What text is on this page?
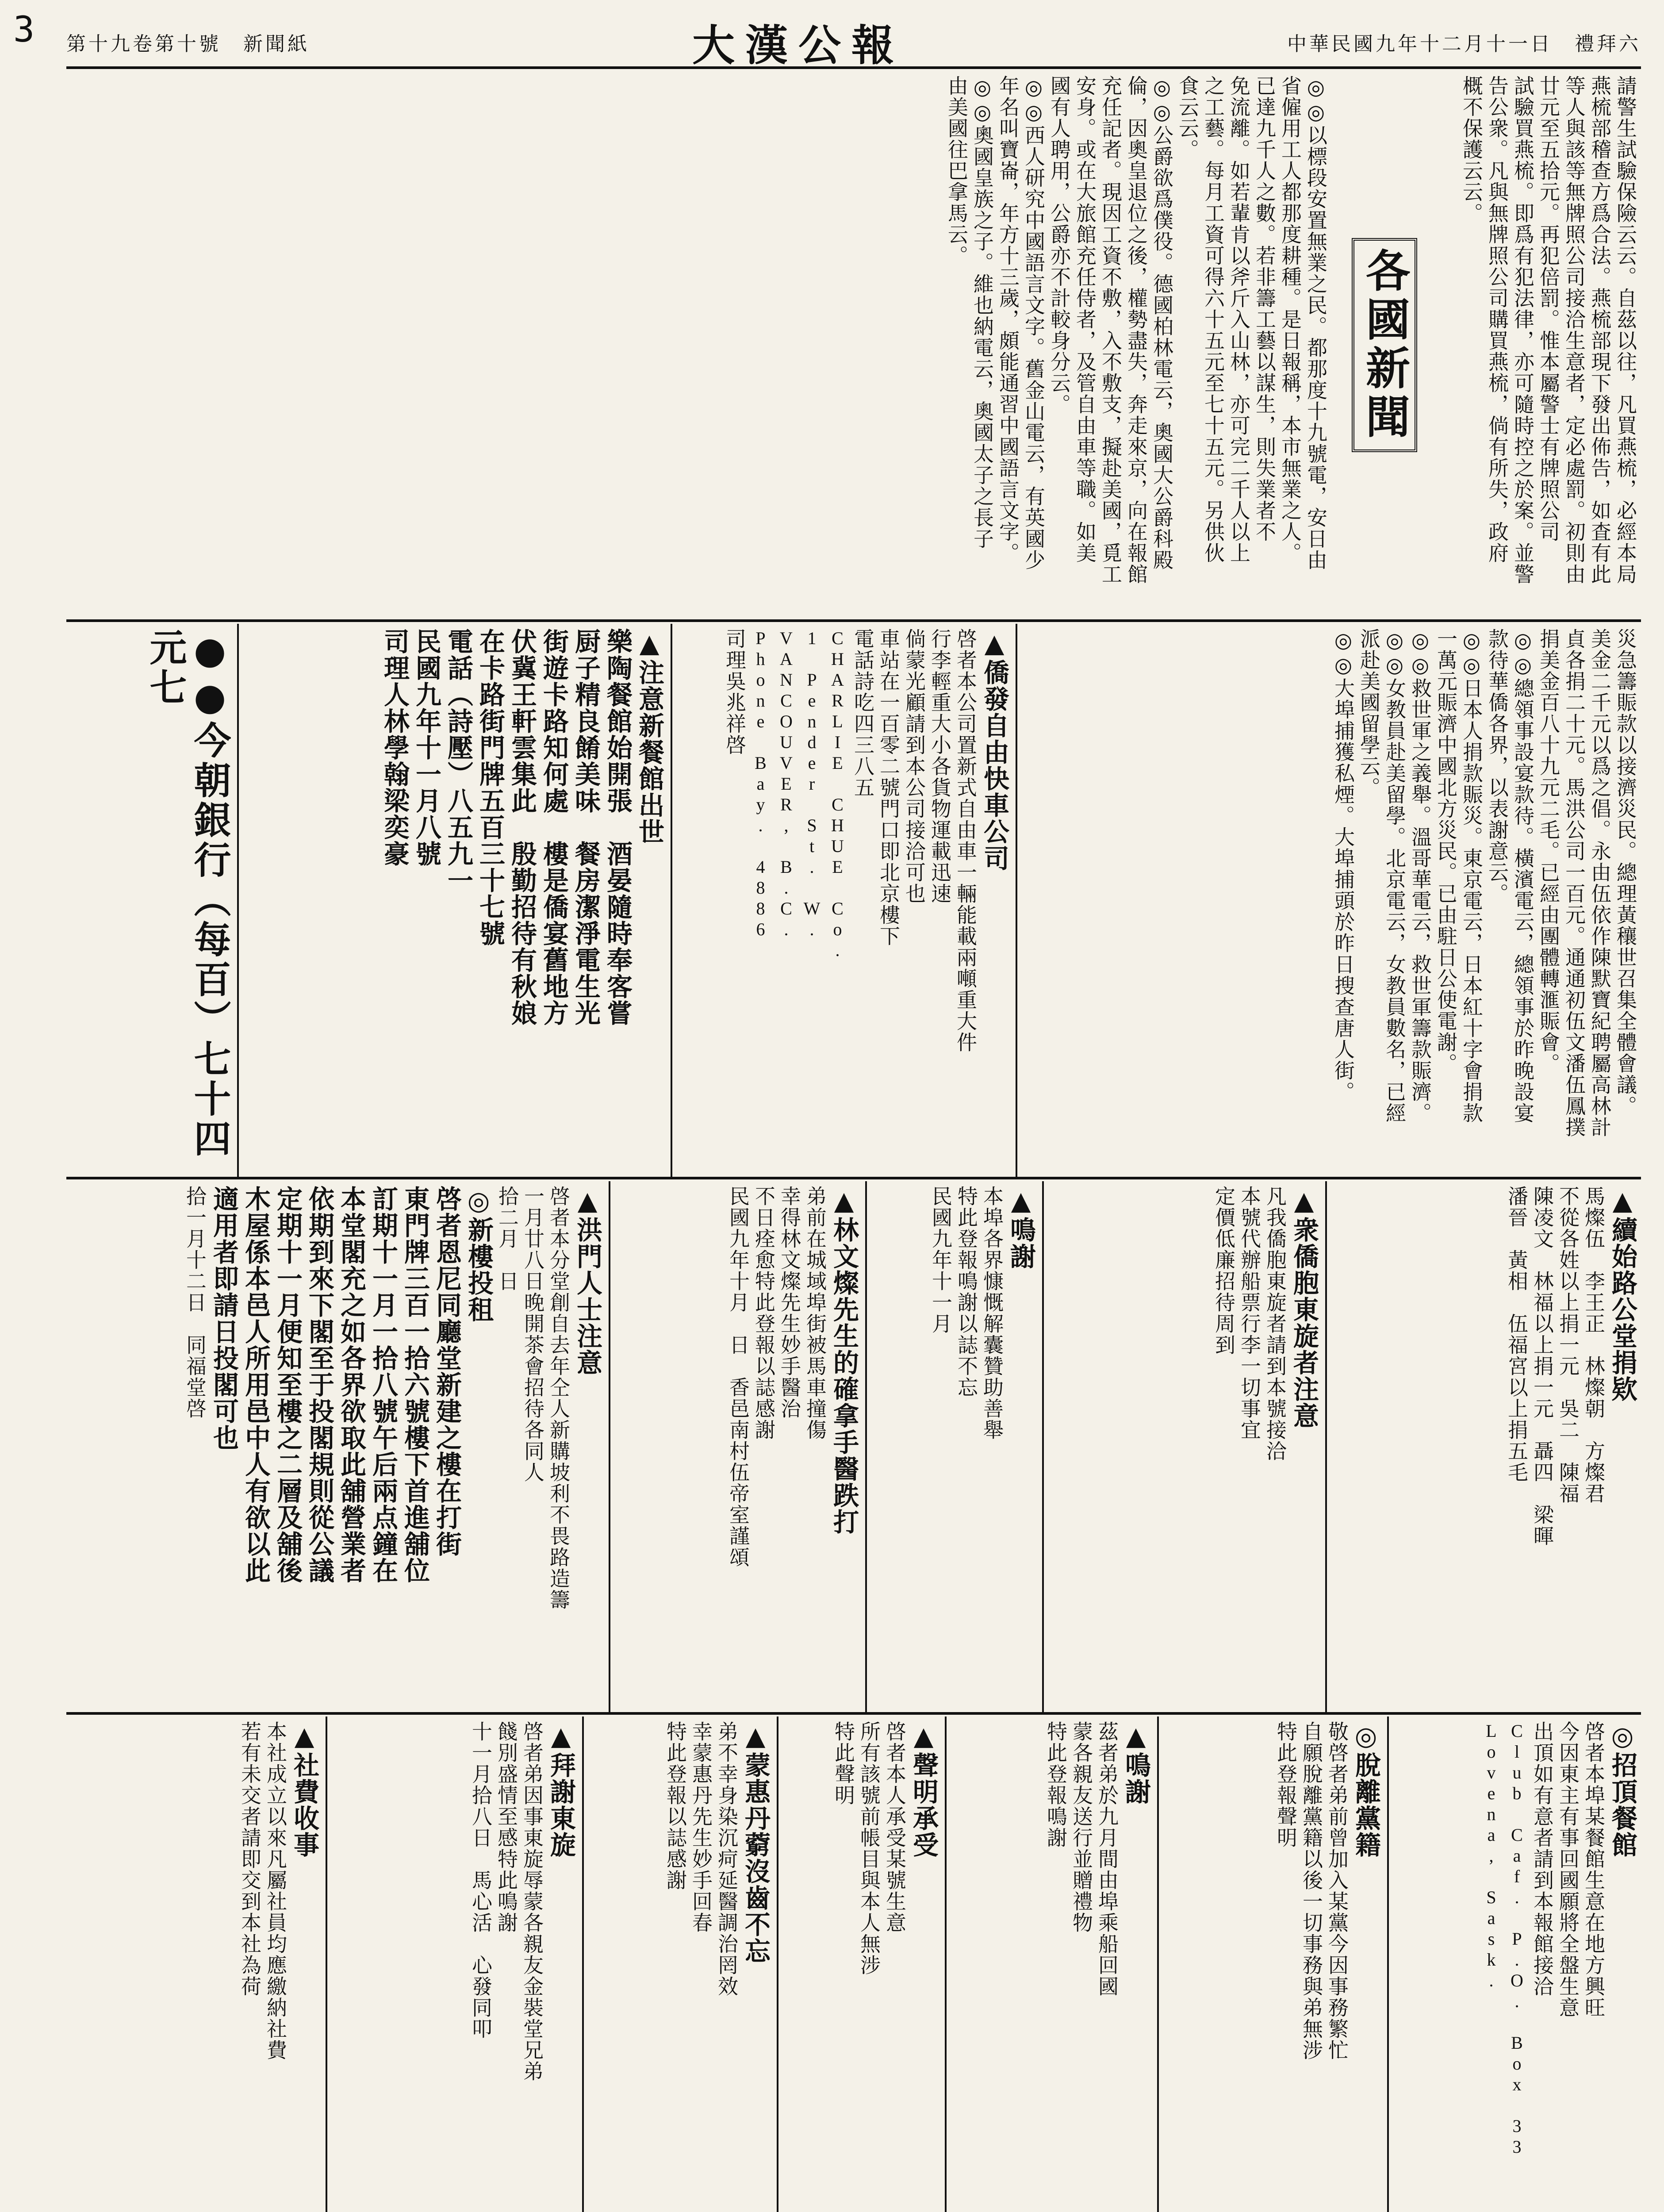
3	中華民國九年十二月十一日　禮拜六
大漢公報
第十九卷第十號　新聞紙
請警生試驗保險云云。自茲以往，凡買燕梳，必經本局
燕梳部稽查方爲合法。燕梳部現下發出佈告，如査有此
等人與該等無牌照公司接洽生意者，定必處罰。初則由
廿元至五拾元。再犯倍罰。惟本屬警士有牌照公司
試驗買燕梳。即爲有犯法律，亦可隨時控之於案。並警
告公衆。凡與無牌照公司購買燕梳，倘有所失，政府
概不保護云云。
各國新聞
◎◎以標段安置無業之民。都那度十九號電，安日由
省僱用工人都那度耕種。是日報稱，本市無業之人。
已達九千人之數。若非籌工藝以謀生，則失業者不
免流離。如若輩肯以斧斤入山林，亦可完二千人以上
之工藝。每月工資可得六十五元至七十五元。另供伙
食云云。
◎◎公爵欲爲僕役。德國柏林電云，奧國大公爵科殿
倫，因奧皇退位之後，權勢盡失，奔走來京，向在報館
充任記者。現因工資不敷，入不敷支，擬赴美國，覓工
安身。或在大旅館充任侍者，及管自由車等職。如美
國有人聘用，公爵亦不計較身分云。
◎◎西人研究中國語言文字。舊金山電云，有英國少
年名叫寶崙，年方十三歲，頗能通習中國語言文字。
◎◎奧國皇族之子。維也納電云，奧國太子之長子
由美國往巴拿馬云。
災急籌賑款以接濟災民。總理黃穰世召集全體會議。
美金二千元以爲之倡。永由伍依作陳默寶紀聘屬高林計
貞各捐二十元。馬洪公司一百元。通通初伍文潘伍鳳撲
捐美金百八十九元二毛。已經由團體轉滙賑會。
◎◎總領事設宴款待。橫濱電云，總領事於昨晚設宴
款待華僑各界，以表謝意云。
◎◎日本人捐款賑災。東京電云，日本紅十字會捐款
一萬元賑濟中國北方災民。已由駐日公使電謝。
◎◎救世軍之義舉。溫哥華電云，救世軍籌款賑濟。
◎◎女教員赴美留學。北京電云，女教員數名，已經
派赴美國留學云。
◎◎大埠捕獲私煙。大埠捕頭於昨日搜查唐人街。
▲僑發自由快車公司
啓者本公司置新式自由車一輛能載兩噸重大件
行李輕重大小各貨物運載迅速
倘蒙光顧請到本公司接洽可也
車站在一百零二號門口即北京樓下
電話詩吃四三八五
CHARLIE CHUE Co.
1 Pender St. W.
VANCOUVER, B.C.
Phone Bay. 4886
司理吳兆祥啓
▲注意新餐館出世
樂陶餐館始開張　酒晏隨時奉客嘗
厨子精良餚美味　餐房潔淨電生光
街遊卡路知何處　樓是僑宴舊地方
伏冀王軒雲集此　殷勤招待有秋娘
在卡路街門牌五百三十七號
電話（詩壓）八五九一
民國九年十一月八號
司理人林學翰梁奕豪
●●今朝銀行（每百）七十四元七
▲續始路公堂捐欵
馬燦伍　李王正　林燦朝　方燦君
不從各姓以上捐一元　吳二　陳福
陳凌文　林福以上捐一元　聶四　梁暉
潘晉　黃相　伍福宮以上捐五毛
▲衆僑胞東旋者注意
凡我僑胞東旋者請到本號接洽
本號代辦船票行李一切事宜
定價低廉招待周到
▲鳴謝
本埠各界慷慨解囊贊助善舉
特此登報鳴謝以誌不忘
民國九年十一月
▲林文燦先生的確拿手醫跌打
弟前在城域埠街被馬車撞傷
幸得林文燦先生妙手醫治
不日痊愈特此登報以誌感謝
民國九年十月　日　香邑南村伍帝室謹頌
▲洪門人士注意
啓者本分堂創自去年仝人新購坡利不畏路造籌
一月廿八日晚開茶會招待各同人
拾二月　日
◎新樓投租
啓者恩尼同廳堂新建之樓在打街
東門牌三百一拾六號樓下首進舖位
訂期十一月一拾八號午后兩点鐘在
本堂閣充之如各界欲取此舖營業者
依期到來下閣至于投閣規則從公議
定期十一月便知至樓之二層及舖後
木屋係本邑人所用邑中人有欲以此
適用者即請日投閣可也
拾一月十二日　同福堂啓
◎招頂餐館
啓者本埠某餐館生意在地方興旺
今因東主有事回國願將全盤生意
出頂如有意者請到本報館接洽
Club Caf. P.O. Box 33 Lovena, Sask.
◎脫離黨籍
敬啓者弟前曾加入某黨今因事務繁忙
自願脫離黨籍以後一切事務與弟無涉
特此登報聲明
▲鳴謝
茲者弟於九月間由埠乘船回國
蒙各親友送行並贈禮物
特此登報鳴謝
▲聲明承受
啓者本人承受某號生意
所有該號前帳目與本人無涉
特此聲明
▲蒙惠丹藭沒齒不忘
弟不幸身染沉疴延醫調治罔效
幸蒙惠丹先生妙手回春
特此登報以誌感謝
▲拜謝東旋
啓者弟因事東旋辱蒙各親友金裝堂兄弟
餞別盛情至感特此鳴謝
十一月拾八日　馬心活　心發同叩
▲社費收事
本社成立以來凡屬社員均應繳納社費
若有未交者請即交到本社為荷
